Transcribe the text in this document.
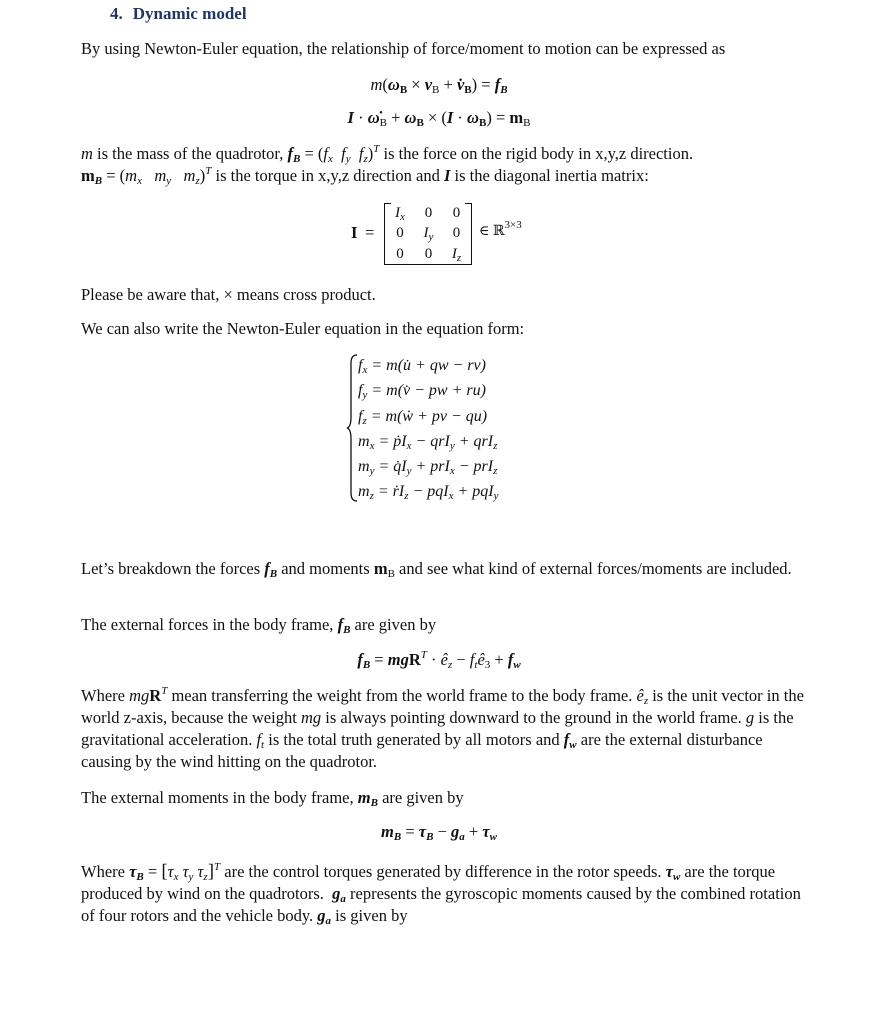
4. Dynamic model
By using Newton-Euler equation, the relationship of force/moment to motion can be expressed as
$m(\omega_B \times v_B$ + $v̇_B) = f_B$
$I \cdot \omegȧ_B + \omega_B \times (I \cdot \omega_B) = m_B$
m is the mass of the quadrotor, $f_B = (f_x$ $f_y$ $f_z)^T$ is the force on the rigid body in x,y,z direction.
$m_B = (m_x$ $m_y$ $m_z)^T$ is the torque in x,y,z direction and I is the diagonal inertia matrix:
I =
$I_x$	0	0
0	$I_y$	0
0	0	$I_z$
∈ ℝ$^{3\times 3}$
Please be aware that, × means cross product.
We can also write the Newton-Euler equation in the equation form:
$f_x$ = m(u̇ + qw − rv)
$f_y$ = m(v̇ − pw + ru)
$f_z$ = m(ẇ + pv − qu)
$m_x$ = ṗI$_x$ − qrI$_y$ + qrI$_z$
$m_y$ = $q̇I_y + prI_x - prI_z$
$m_z$ = ṙI$_z$ − pqI$_x$ + pqI$_y$
Let’s breakdown the forces $f_B$ and moments $m_B$ and see what kind of external forces/moments are included.
The external forces in the body frame, $f_B$ are given by
$f_B = mgR^T$ · $ê_z$ − $f_tê_3 + f_w$
Where mgR$^T$ mean transferring the weight from the world frame to the body frame. $ê_z$ is the unit vector in the world z-axis, because the weight mg is always pointing downward to the ground in the world frame. g is the gravitational acceleration. $f_t$ is the total truth generated by all motors and $f_w$ are the external disturbance causing by the wind hitting on the quadrotor.
The external moments in the body frame, $m_B$ are given by
$m_B = \tau_B - g_a + \tau_w$
Where $\tau_B = [\tau_x$ $\tau_y$ $\tau_z]^T$ are the control torques generated by difference in the rotor speeds. $\tau_w$ are the torque produced by wind on the quadrotors.  $g_a$ represents the gyroscopic moments caused by the combined rotation of four rotors and the vehicle body. $g_a$ is given by
